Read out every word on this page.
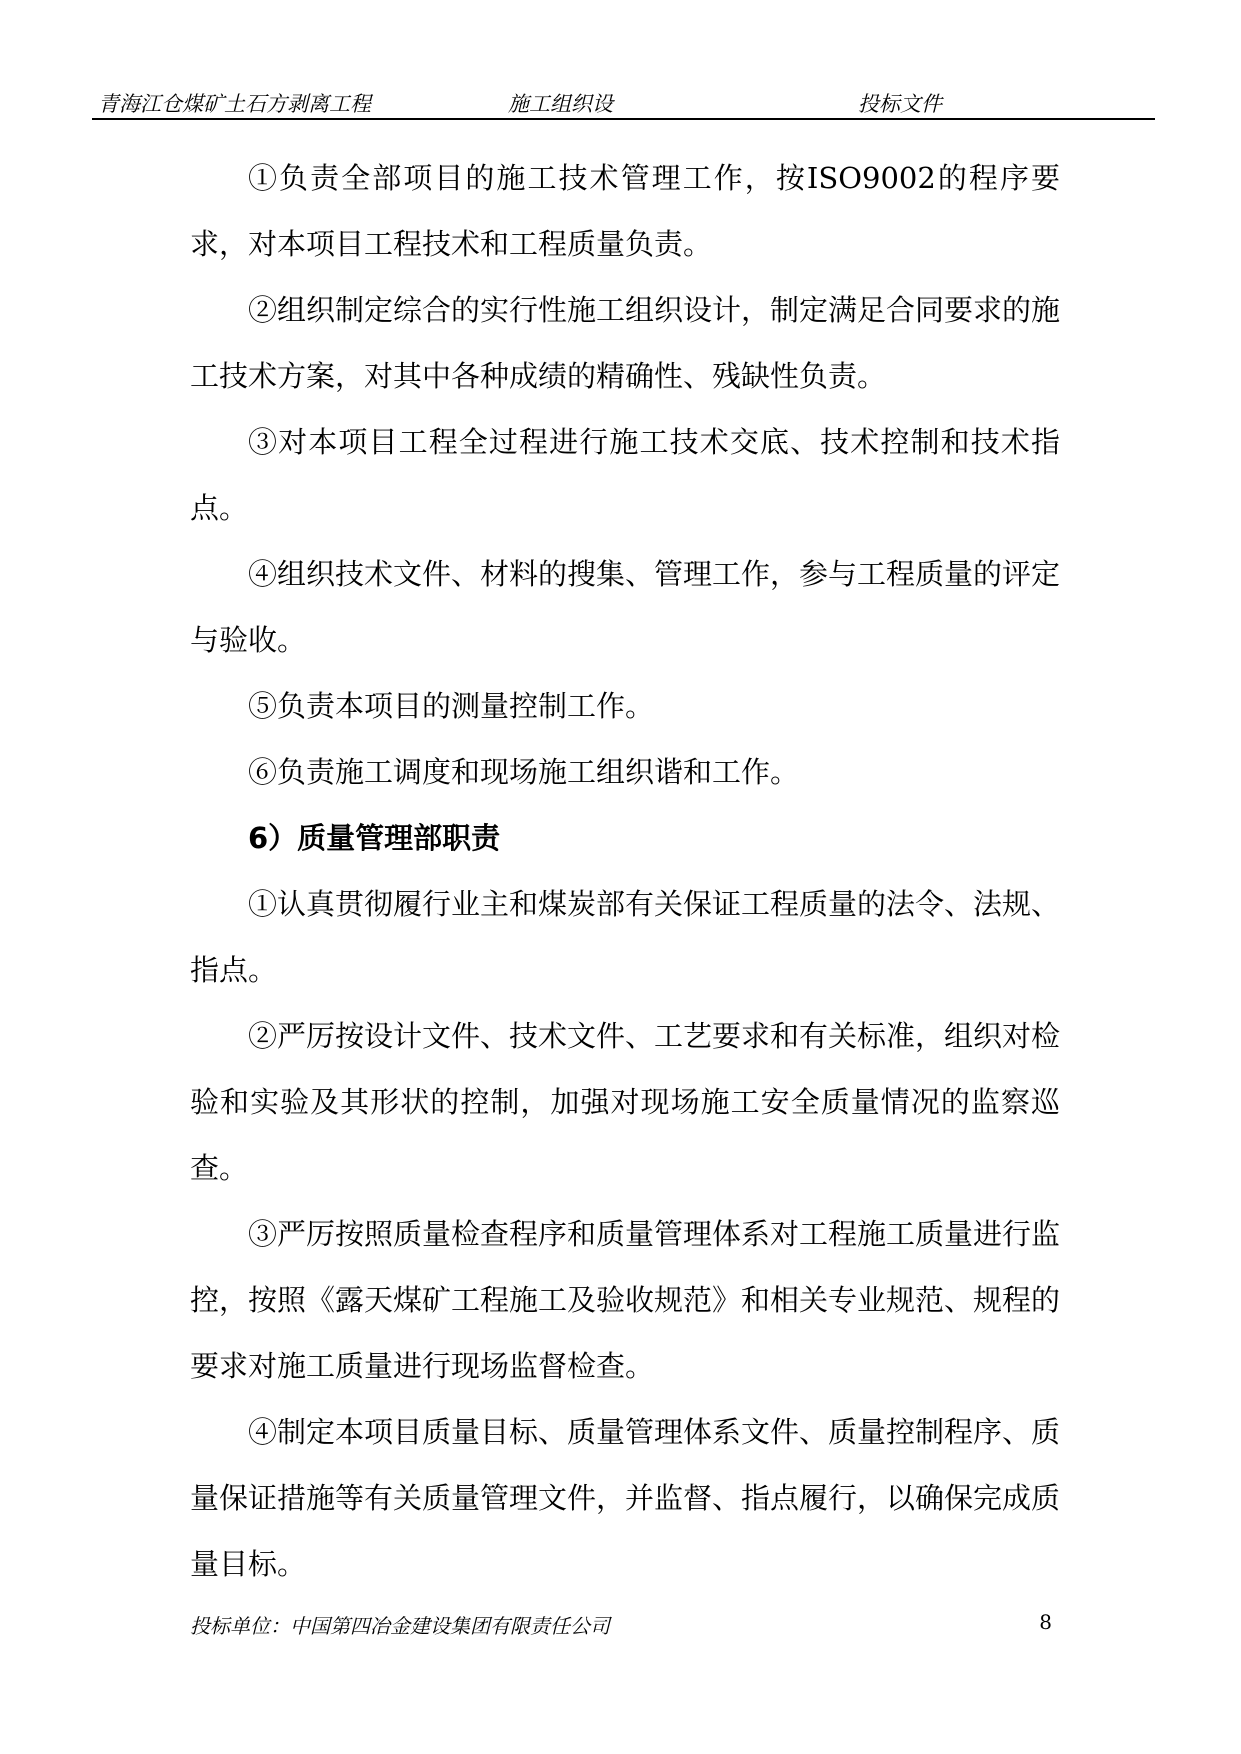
青海江仓煤矿土石方剥离工程	施工组织设	投标文件

①负责全部项目的施工技术管理工作，按ISO9002的程序要求，对本项目工程技术和工程质量负责。

②组织制定综合的实行性施工组织设计，制定满足合同要求的施工技术方案，对其中各种成绩的精确性、残缺性负责。

③对本项目工程全过程进行施工技术交底、技术控制和技术指点。

④组织技术文件、材料的搜集、管理工作，参与工程质量的评定与验收。

⑤负责本项目的测量控制工作。

⑥负责施工调度和现场施工组织谐和工作。

6）质量管理部职责

①认真贯彻履行业主和煤炭部有关保证工程质量的法令、法规、指点。

②严厉按设计文件、技术文件、工艺要求和有关标准，组织对检验和实验及其形状的控制，加强对现场施工安全质量情况的监察巡查。

③严厉按照质量检查程序和质量管理体系对工程施工质量进行监控，按照《露天煤矿工程施工及验收规范》和相关专业规范、规程的要求对施工质量进行现场监督检查。

④制定本项目质量目标、质量管理体系文件、质量控制程序、质量保证措施等有关质量管理文件，并监督、指点履行，以确保完成质量目标。

投标单位：中国第四冶金建设集团有限责任公司	8
